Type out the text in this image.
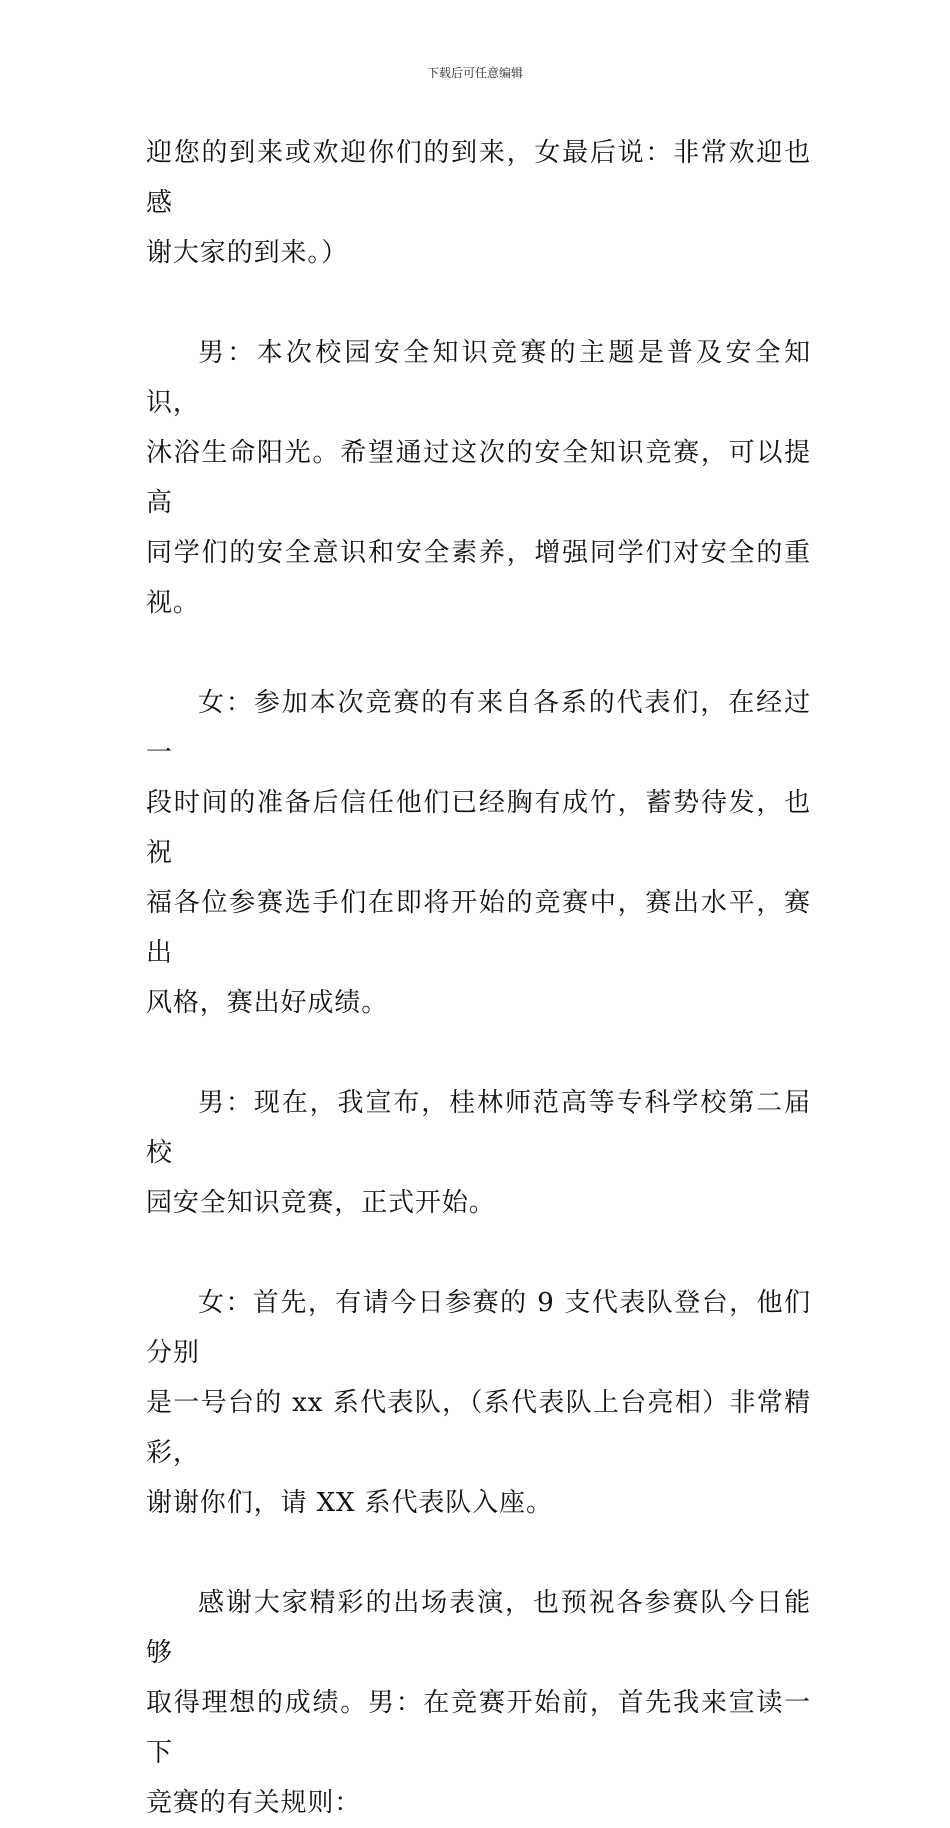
下载后可任意编辑

迎您的到来或欢迎你们的到来，女最后说：非常欢迎也感
谢大家的到来。）

男：本次校园安全知识竞赛的主题是普及安全知识，
沐浴生命阳光。希望通过这次的安全知识竞赛，可以提高
同学们的安全意识和安全素养，增强同学们对安全的重视。

女：参加本次竞赛的有来自各系的代表们，在经过一
段时间的准备后信任他们已经胸有成竹，蓄势待发，也祝
福各位参赛选手们在即将开始的竞赛中，赛出水平，赛出
风格，赛出好成绩。

男：现在，我宣布，桂林师范高等专科学校第二届校
园安全知识竞赛，正式开始。

女：首先，有请今日参赛的 9 支代表队登台，他们分别
是一号台的 xx 系代表队，（系代表队上台亮相）非常精彩，
谢谢你们，请 XX 系代表队入座。

感谢大家精彩的出场表演，也预祝各参赛队今日能够
取得理想的成绩。男：在竞赛开始前，首先我来宣读一下
竞赛的有关规则：
